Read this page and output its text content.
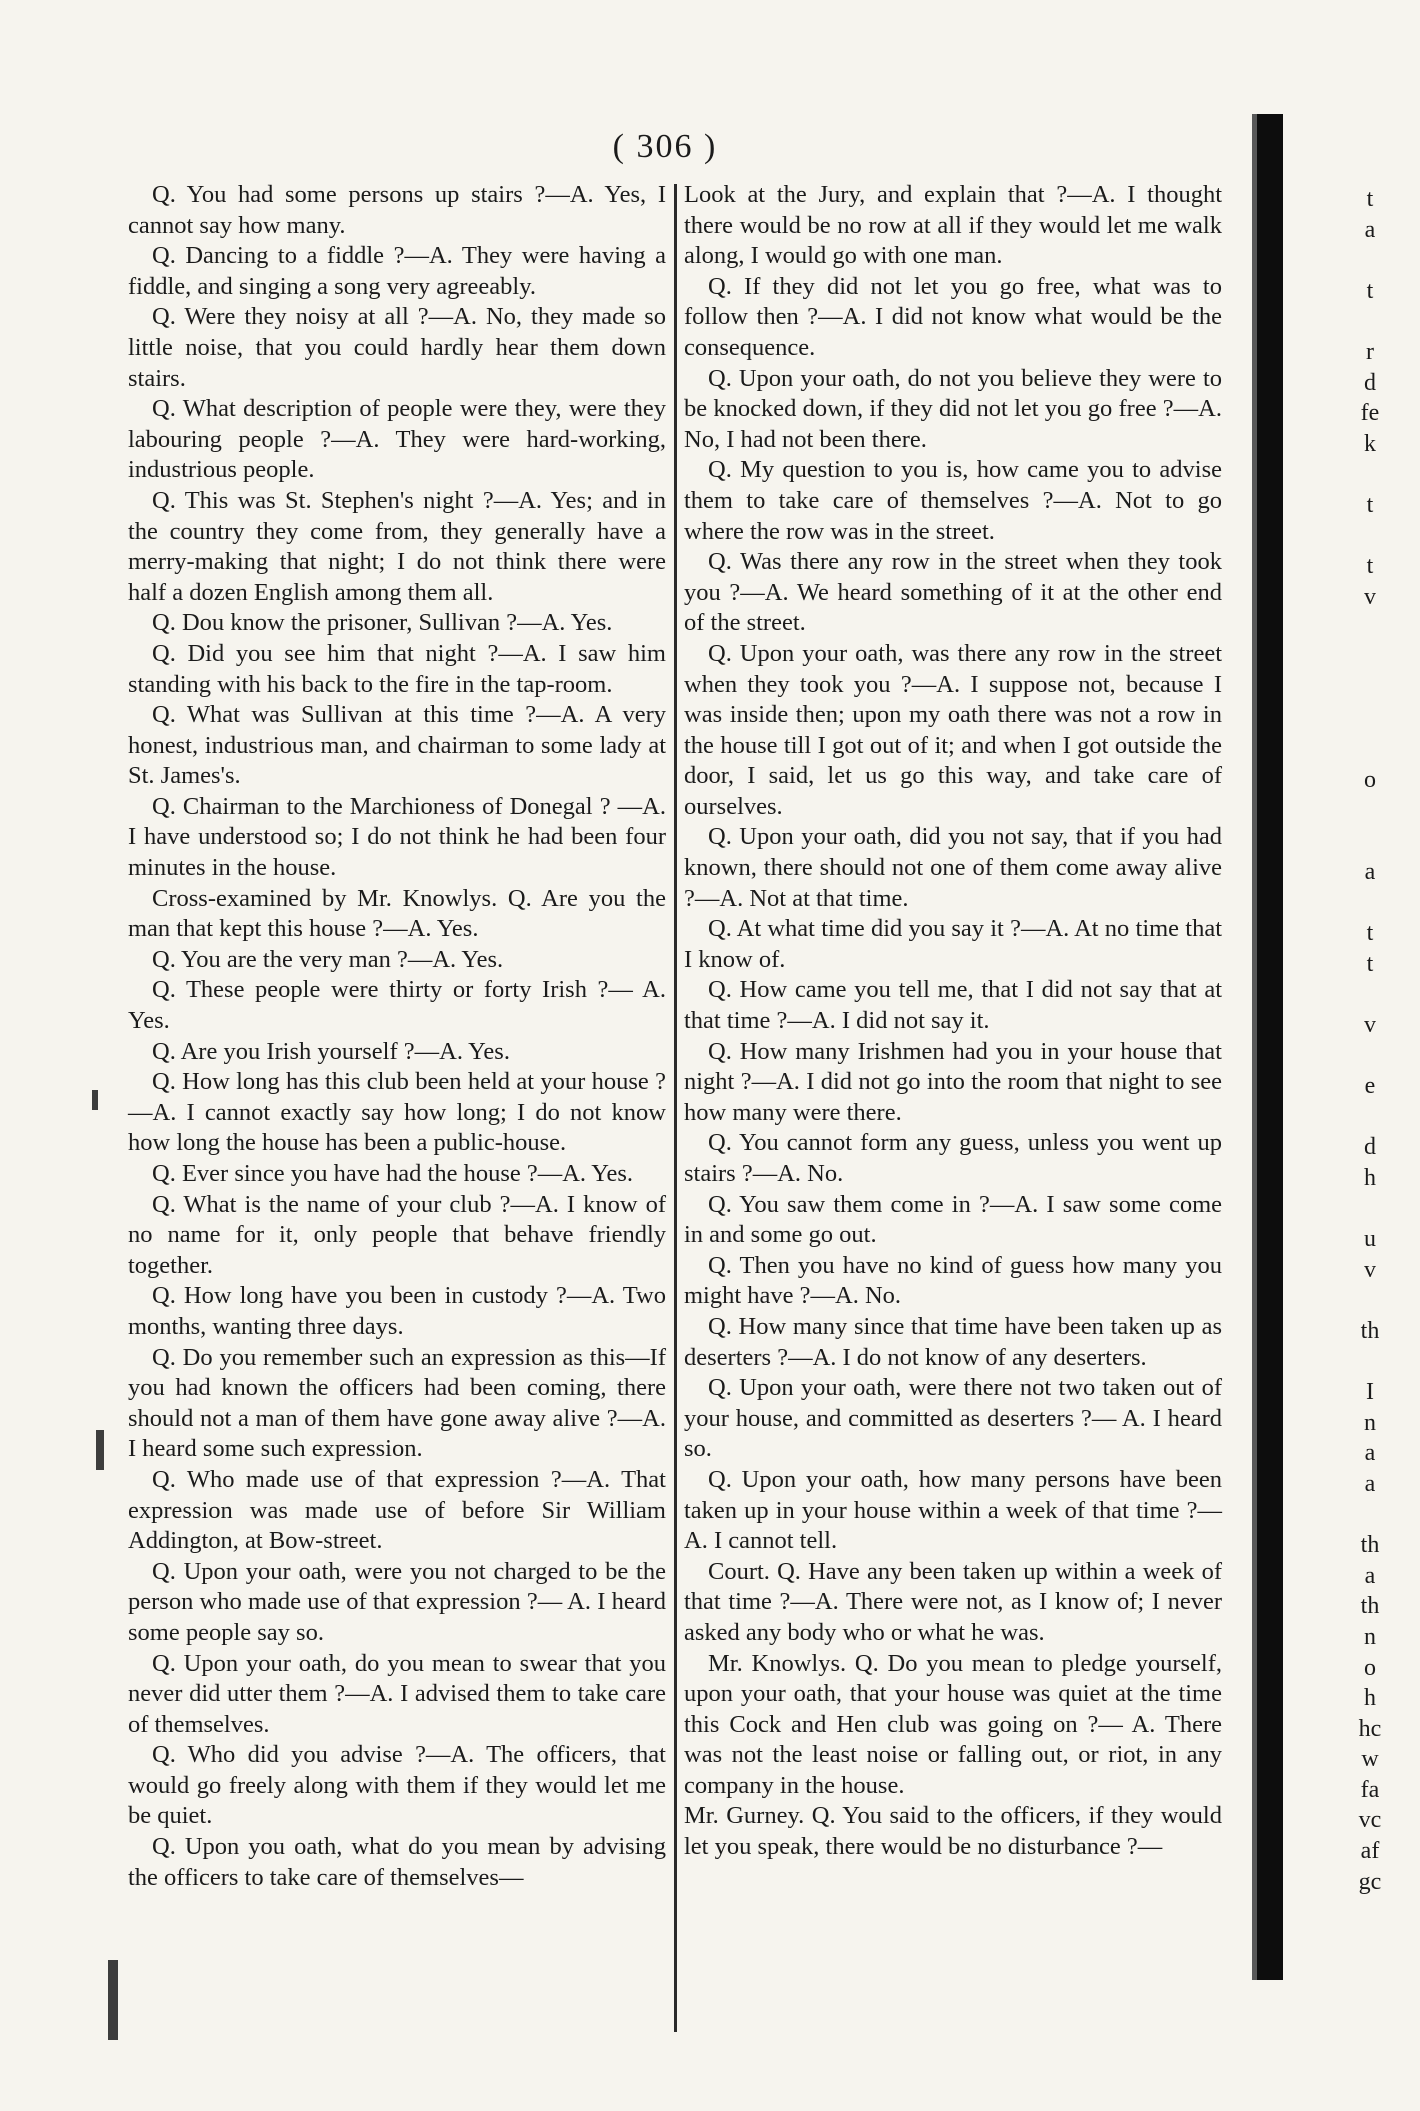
( 306 )

Q. You had some persons up stairs ?—A. Yes, I cannot say how many.

Q. Dancing to a fiddle ?—A. They were having a fiddle, and singing a song very agreeably.

Q. Were they noisy at all ?—A. No, they made so little noise, that you could hardly hear them down stairs.

Q. What description of people were they, were they labouring people ?—A. They were hard-working, industrious people.

Q. This was St. Stephen's night ?—A. Yes; and in the country they come from, they generally have a merry-making that night; I do not think there were half a dozen English among them all.

Q. Dou know the prisoner, Sullivan ?—A. Yes.

Q. Did you see him that night ?—A. I saw him standing with his back to the fire in the tap-room.

Q. What was Sullivan at this time ?—A. A very honest, industrious man, and chairman to some lady at St. James's.

Q. Chairman to the Marchioness of Donegal ? —A. I have understood so; I do not think he had been four minutes in the house.

Cross-examined by Mr. Knowlys. Q. Are you the man that kept this house ?—A. Yes.

Q. You are the very man ?—A. Yes.

Q. These people were thirty or forty Irish ?— A. Yes.

Q. Are you Irish yourself ?—A. Yes.

Q. How long has this club been held at your house ?—A. I cannot exactly say how long; I do not know how long the house has been a public-house.

Q. Ever since you have had the house ?—A. Yes.

Q. What is the name of your club ?—A. I know of no name for it, only people that behave friendly together.

Q. How long have you been in custody ?—A. Two months, wanting three days.

Q. Do you remember such an expression as this—If you had known the officers had been coming, there should not a man of them have gone away alive ?—A. I heard some such expression.

Q. Who made use of that expression ?—A. That expression was made use of before Sir William Addington, at Bow-street.

Q. Upon your oath, were you not charged to be the person who made use of that expression ?— A. I heard some people say so.

Q. Upon your oath, do you mean to swear that you never did utter them ?—A. I advised them to take care of themselves.

Q. Who did you advise ?—A. The officers, that would go freely along with them if they would let me be quiet.

Q. Upon you oath, what do you mean by advising the officers to take care of themselves—

Look at the Jury, and explain that ?—A. I thought there would be no row at all if they would let me walk along, I would go with one man.

Q. If they did not let you go free, what was to follow then ?—A. I did not know what would be the consequence.

Q. Upon your oath, do not you believe they were to be knocked down, if they did not let you go free ?—A. No, I had not been there.

Q. My question to you is, how came you to advise them to take care of themselves ?—A. Not to go where the row was in the street.

Q. Was there any row in the street when they took you ?—A. We heard something of it at the other end of the street.

Q. Upon your oath, was there any row in the street when they took you ?—A. I suppose not, because I was inside then; upon my oath there was not a row in the house till I got out of it; and when I got outside the door, I said, let us go this way, and take care of ourselves.

Q. Upon your oath, did you not say, that if you had known, there should not one of them come away alive ?—A. Not at that time.

Q. At what time did you say it ?—A. At no time that I know of.

Q. How came you tell me, that I did not say that at that time ?—A. I did not say it.

Q. How many Irishmen had you in your house that night ?—A. I did not go into the room that night to see how many were there.

Q. You cannot form any guess, unless you went up stairs ?—A. No.

Q. You saw them come in ?—A. I saw some come in and some go out.

Q. Then you have no kind of guess how many you might have ?—A. No.

Q. How many since that time have been taken up as deserters ?—A. I do not know of any deserters.

Q. Upon your oath, were there not two taken out of your house, and committed as deserters ?— A. I heard so.

Q. Upon your oath, how many persons have been taken up in your house within a week of that time ?—A. I cannot tell.

Court. Q. Have any been taken up within a week of that time ?—A. There were not, as I know of; I never asked any body who or what he was.

Mr. Knowlys. Q. Do you mean to pledge yourself, upon your oath, that your house was quiet at the time this Cock and Hen club was going on ?— A. There was not the least noise or falling out, or riot, in any company in the house.

Mr. Gurney. Q. You said to the officers, if they would let you speak, there would be no disturbance ?—

t
a
t
r
d
fe
k
t
t
v
o
a
t
t
v
e
d
h
u
v
th
I
n
a
a
th
a
th
n
o
h
hc
w
fa
vc
af
gc
